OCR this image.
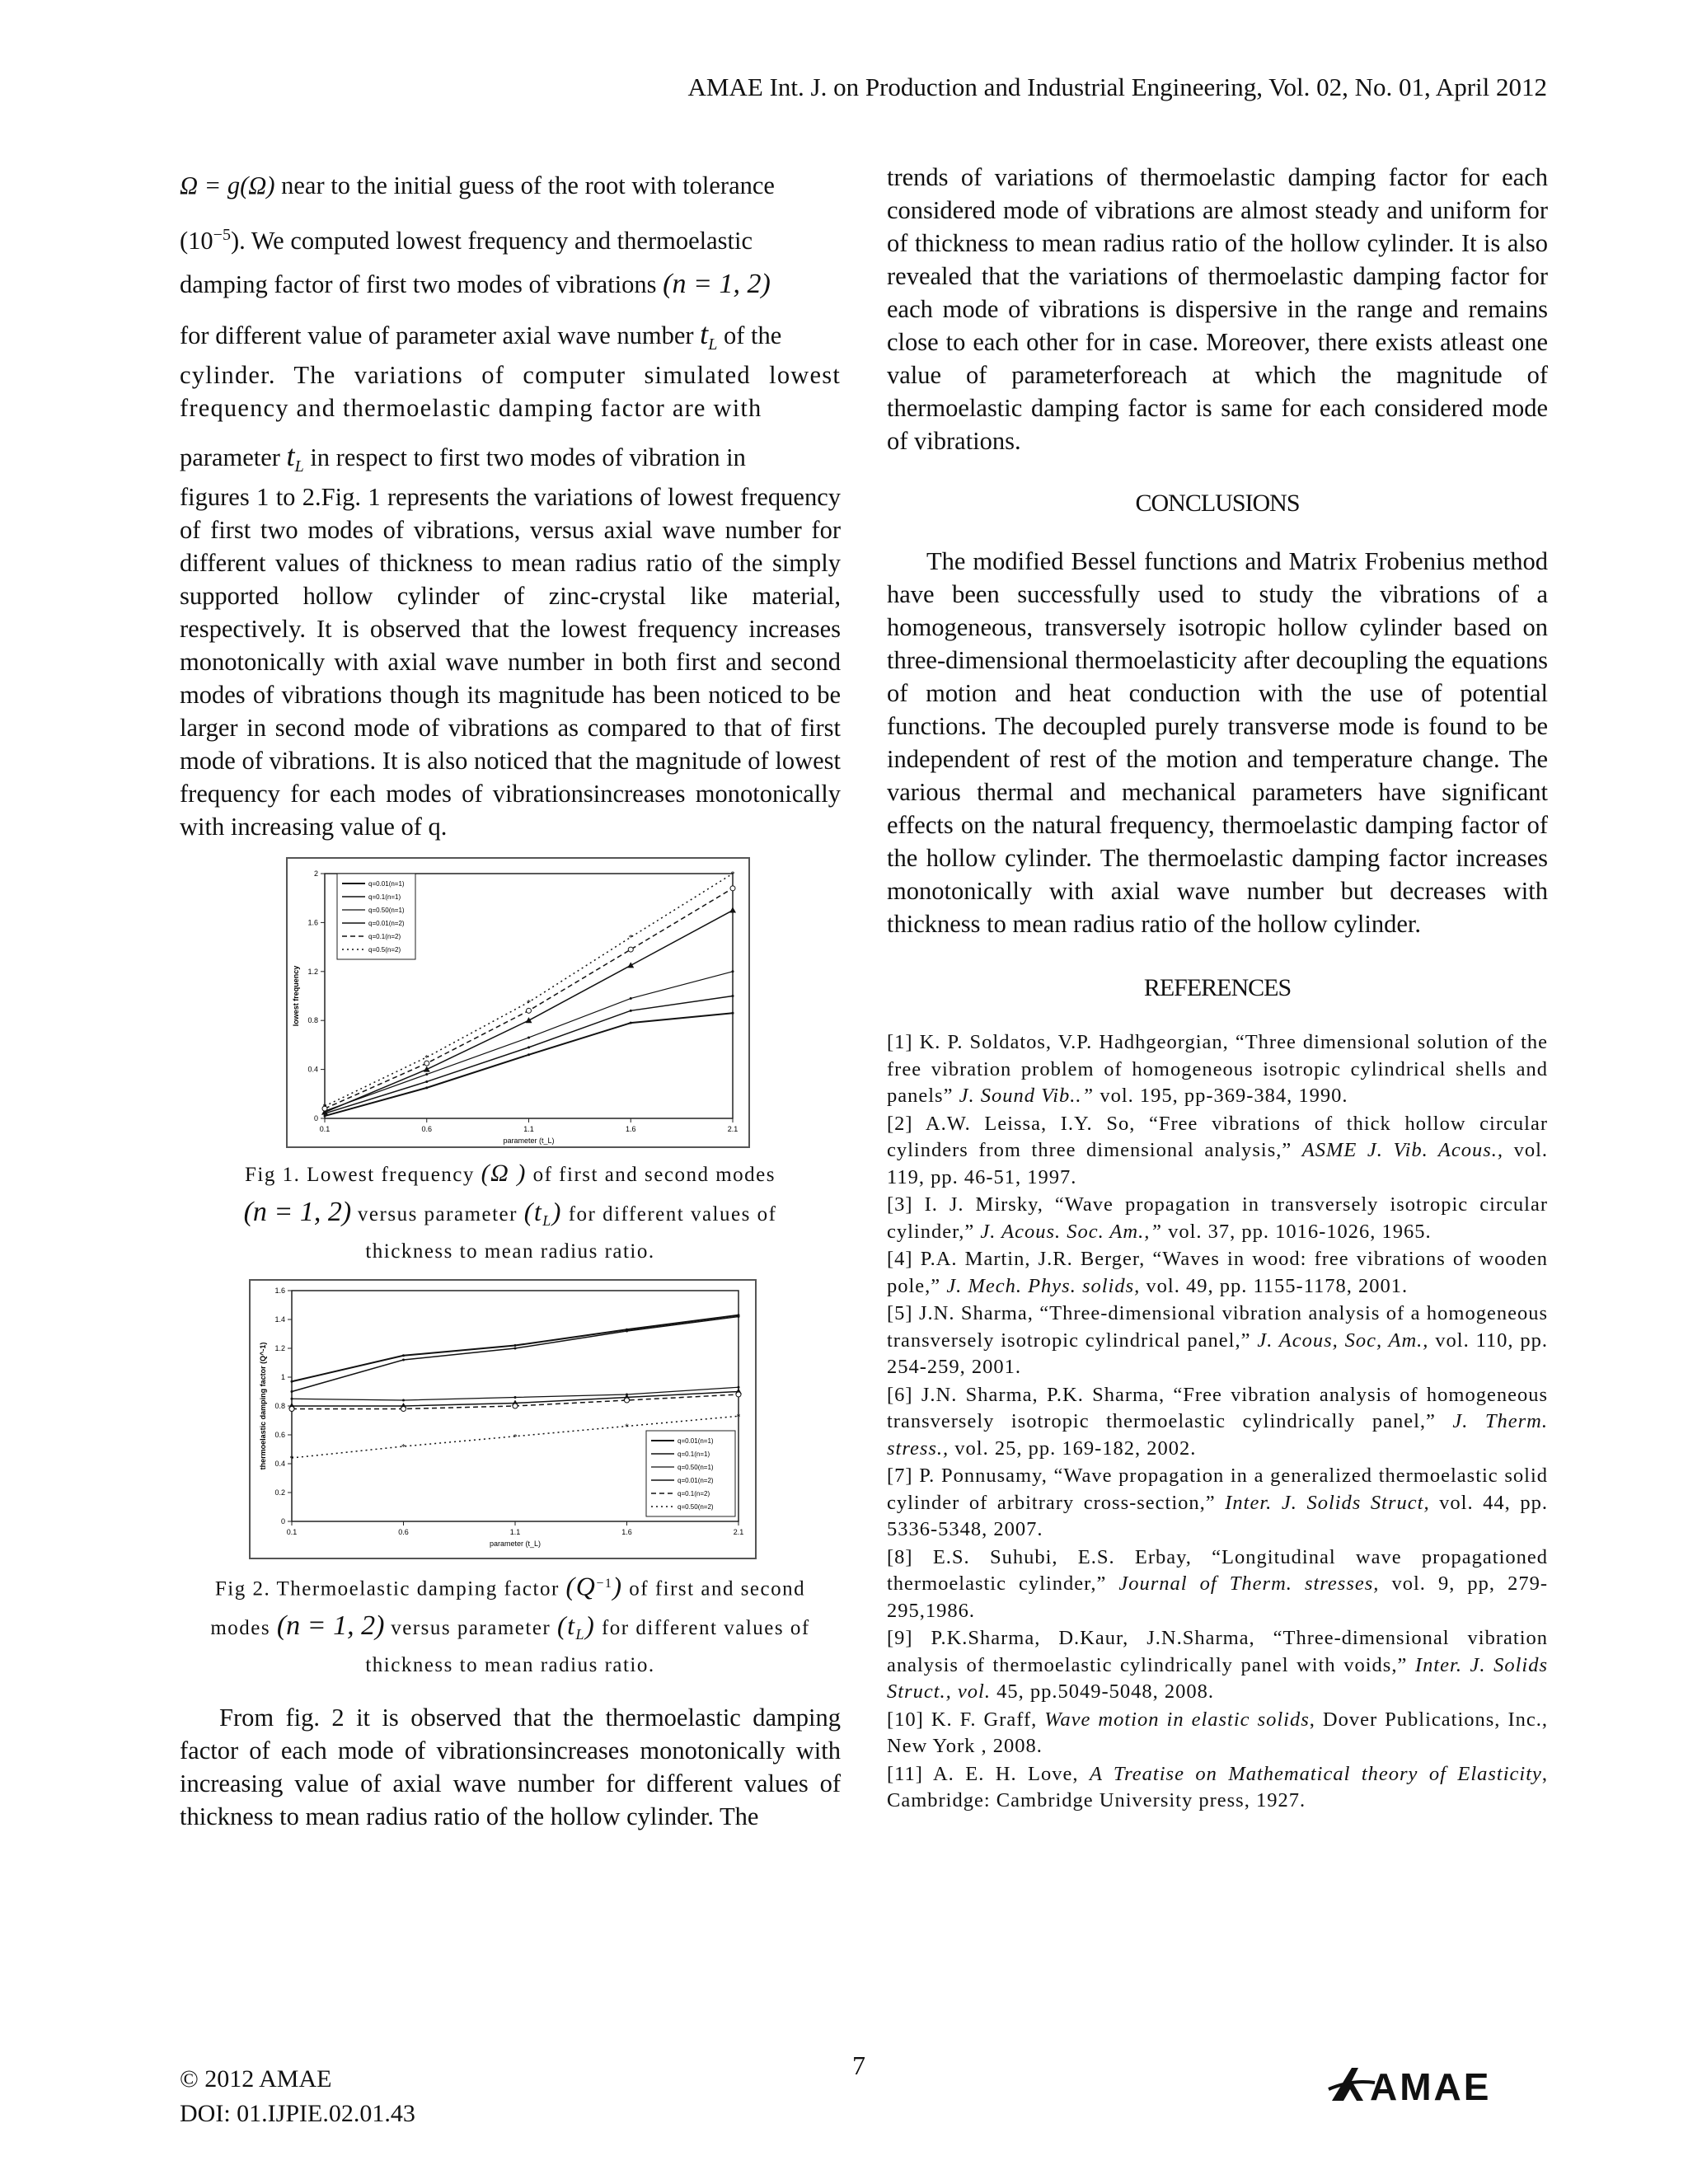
AMAE Int. J. on Production and Industrial Engineering, Vol. 02, No. 01, April 2012
Ω = g(Ω) near to the initial guess of the root with tolerance
$(10^{-5})$. We computed lowest frequency and thermoelastic
damping factor of first two modes of vibrations (n = 1, 2)
for different value of parameter axial wave number $t_L$ of the

cylinder. The variations of computer simulated lowest frequency and thermoelastic damping factor are with

parameter $t_L$ in respect to first two modes of vibration in

figures 1 to 2.Fig. 1 represents the variations of lowest frequency of first two modes of vibrations, versus axial wave number for different values of thickness to mean radius ratio of the simply supported hollow cylinder of zinc-crystal like material, respectively. It is observed that the lowest frequency increases monotonically with axial wave number in both first and second modes of vibrations though its magnitude has been noticed to be larger in second mode of vibrations as compared to that of first mode of vibrations. It is also noticed that the magnitude of lowest frequency for each modes of vibrationsincreases monotonically with increasing value of q.

0.1	0.6	1.1	1.6	2.1
0
0.4
0.8
1.2
1.6
2
parameter (t_L)
lowest frequency
*
*
*
*
*
q=0.01(n=1)
q=0.1(n=1)
q=0.50(n=1)
q=0.01(n=2)
q=0.1(n=2)
q=0.5(n=2)
Fig 1. Lowest frequency (Ω ) of first and second modes
(n = 1, 2) versus parameter $(t_L)$ for different values of
thickness to mean radius ratio.
0.1	0.6	1.1	1.6	2.1
0
0.2
0.4
0.6
0.8
1
1.2
1.4
1.6
parameter (t_L)
thermoelastic damping factor (Q^-1)	*
*
*
*
*
q=0.01(n=1)
q=0.1(n=1)
q=0.50(n=1)
q=0.01(n=2)
q=0.1(n=2)
q=0.50(n=2)
Fig 2. Thermoelastic damping factor $(Q^{-1})$ of first and second
modes (n = 1, 2) versus parameter $(t_L)$ for different values of
thickness to mean radius ratio.

From fig. 2 it is observed that the thermoelastic damping factor of each mode of vibrationsincreases monotonically with increasing value of axial wave number for different values of thickness to mean radius ratio of the hollow cylinder. The

trends of variations of thermoelastic damping factor for each considered mode of vibrations are almost steady and uniform for of thickness to mean radius ratio of the hollow cylinder. It is also revealed that the variations of thermoelastic damping factor for each mode of vibrations is dispersive in the range and remains close to each other for in case. Moreover, there exists atleast one value of parameterforeach at which the magnitude of thermoelastic damping factor is same for each considered mode of vibrations.

CONCLUSIONS

The modified Bessel functions and Matrix Frobenius method have been successfully used to study the vibrations of a homogeneous, transversely isotropic hollow cylinder based on three-dimensional thermoelasticity after decoupling the equations of motion and heat conduction with the use of potential functions. The decoupled purely transverse mode is found to be independent of rest of the motion and temperature change. The various thermal and mechanical parameters have significant effects on the natural frequency, thermoelastic damping factor of the hollow cylinder. The thermoelastic damping factor increases monotonically with axial wave number but decreases with thickness to mean radius ratio of the hollow cylinder.

REFERENCES
[1] K. P. Soldatos, V.P. Hadhgeorgian, “Three dimensional solution of the free vibration problem of homogeneous isotropic cylindrical shells and panels” J. Sound Vib..” vol. 195, pp-369-384, 1990.
[2] A.W. Leissa, I.Y. So, “Free vibrations of thick hollow circular cylinders from three dimensional analysis,” ASME J. Vib. Acous., vol. 119, pp. 46-51, 1997.
[3] I. J. Mirsky, “Wave propagation in transversely isotropic circular cylinder,” J. Acous. Soc. Am.,” vol. 37, pp. 1016-1026, 1965.
[4] P.A. Martin, J.R. Berger, “Waves in wood: free vibrations of wooden pole,” J. Mech. Phys. solids, vol. 49, pp. 1155-1178, 2001.
[5] J.N. Sharma, “Three-dimensional vibration analysis of a homogeneous transversely isotropic cylindrical panel,” J. Acous, Soc, Am., vol. 110, pp. 254-259, 2001.
[6] J.N. Sharma, P.K. Sharma, “Free vibration analysis of homogeneous transversely isotropic thermoelastic cylindrically panel,” J. Therm. stress., vol. 25, pp. 169-182, 2002.
[7] P. Ponnusamy, “Wave propagation in a generalized thermoelastic solid cylinder of arbitrary cross-section,” Inter. J. Solids Struct, vol. 44, pp. 5336-5348, 2007.
[8] E.S. Suhubi, E.S. Erbay, “Longitudinal wave propagationed thermoelastic cylinder,” Journal of Therm. stresses, vol. 9, pp, 279-295,1986.
[9] P.K.Sharma, D.Kaur, J.N.Sharma, “Three-dimensional vibration analysis of thermoelastic cylindrically panel with voids,” Inter. J. Solids Struct., vol. 45, pp.5049-5048, 2008.
[10] K. F. Graff, Wave motion in elastic solids, Dover Publications, Inc., New York , 2008.
[11] A. E. H. Love, A Treatise on Mathematical theory of Elasticity, Cambridge: Cambridge University press, 1927.
© 2012 AMAE
DOI: 01.IJPIE.02.01.43
7	AMAE
